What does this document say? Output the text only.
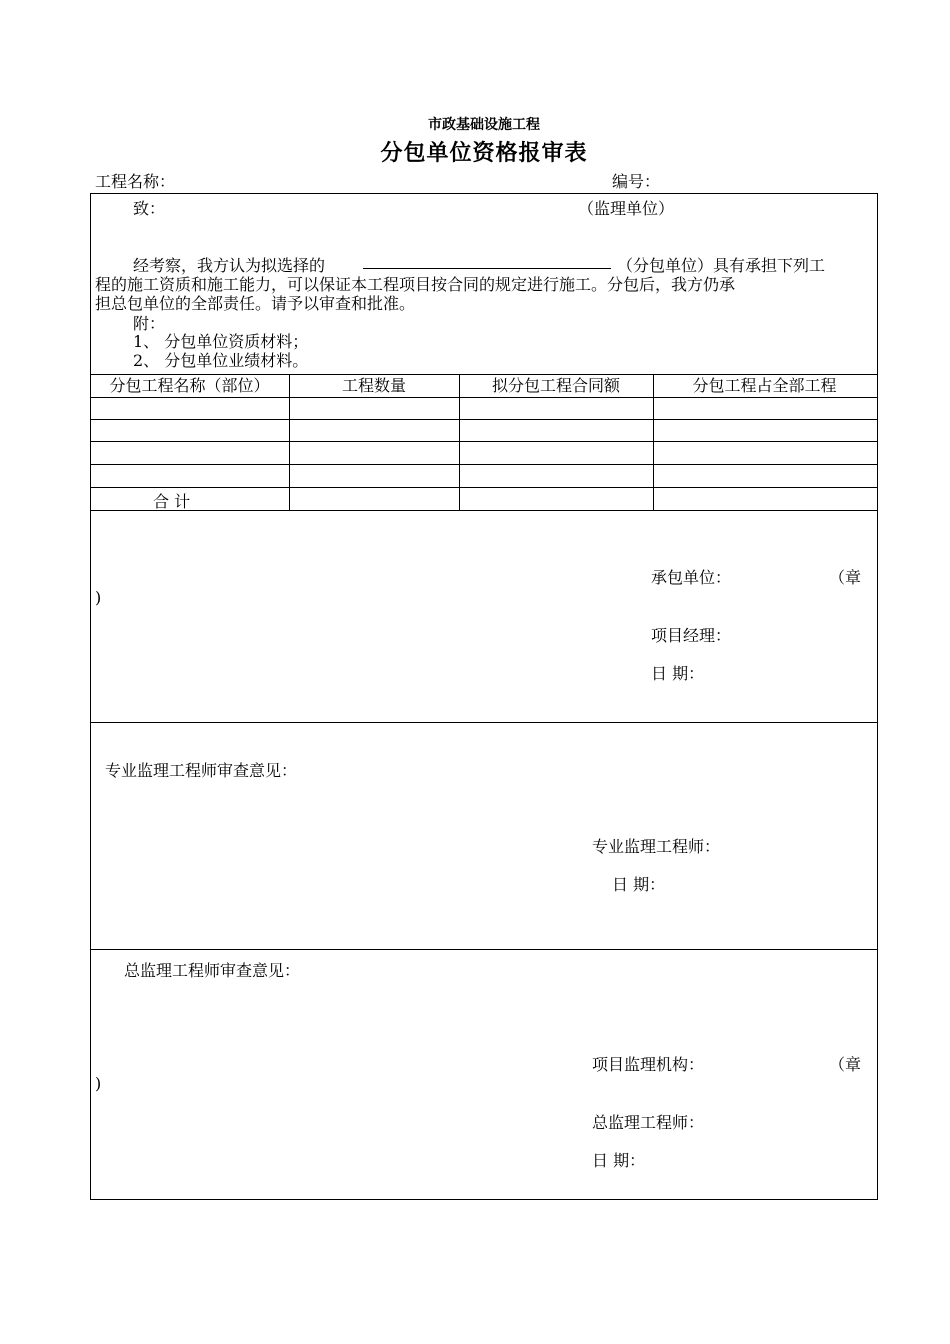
市政基础设施工程
分包单位资格报审表
工程名称：	编号：
致：	（监理单位）
经考察，我方认为拟选择的	（分包单位）具有承担下列工
程的施工资质和施工能力，可以保证本工程项目按合同的规定进行施工。分包后，我方仍承
担总包单位的全部责任。请予以审查和批准。
附：
1、 分包单位资质材料；
2、 分包单位业绩材料。
分包工程名称（部位）	工程数量	拟分包工程合同额	分包工程占全部工程
合 计
承包单位：	（章
)
项目经理：
日 期：
专业监理工程师审查意见：
专业监理工程师：
日 期：
总监理工程师审查意见：
项目监理机构：	（章
)
总监理工程师：
日 期：
